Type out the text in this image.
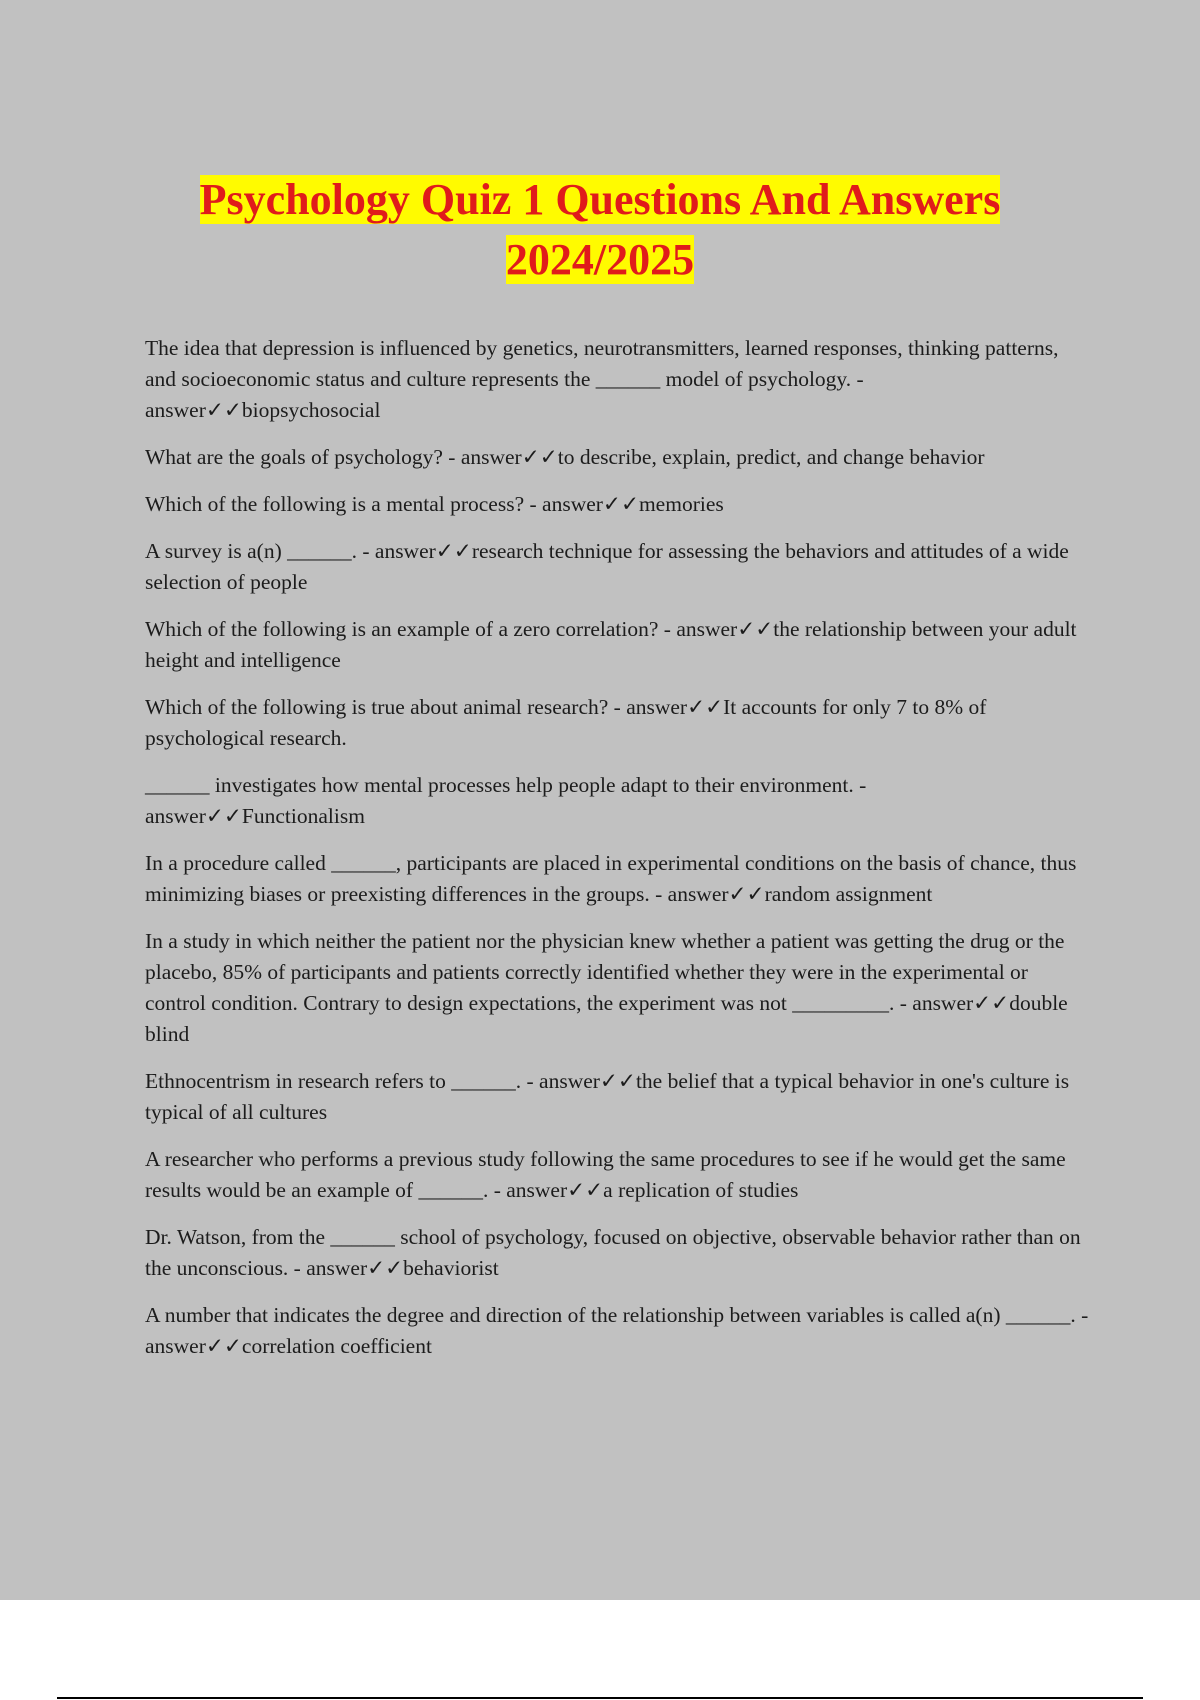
Psychology Quiz 1 Questions And Answers
2024/2025

The idea that depression is influenced by genetics, neurotransmitters, learned responses, thinking patterns, and socioeconomic status and culture represents the ______ model of psychology. - answer✓✓biopsychosocial

What are the goals of psychology? - answer✓✓to describe, explain, predict, and change behavior

Which of the following is a mental process? - answer✓✓memories

A survey is a(n) ______. - answer✓✓research technique for assessing the behaviors and attitudes of a wide selection of people

Which of the following is an example of a zero correlation? - answer✓✓the relationship between your adult height and intelligence

Which of the following is true about animal research? - answer✓✓It accounts for only 7 to 8% of psychological research.

______ investigates how mental processes help people adapt to their environment. - answer✓✓Functionalism

In a procedure called ______, participants are placed in experimental conditions on the basis of chance, thus minimizing biases or preexisting differences in the groups. - answer✓✓random assignment

In a study in which neither the patient nor the physician knew whether a patient was getting the drug or the placebo, 85% of participants and patients correctly identified whether they were in the experimental or control condition. Contrary to design expectations, the experiment was not _________. - answer✓✓double blind

Ethnocentrism in research refers to ______. - answer✓✓the belief that a typical behavior in one's culture is typical of all cultures

A researcher who performs a previous study following the same procedures to see if he would get the same results would be an example of ______. - answer✓✓a replication of studies

Dr. Watson, from the ______ school of psychology, focused on objective, observable behavior rather than on the unconscious. - answer✓✓behaviorist

A number that indicates the degree and direction of the relationship between variables is called a(n) ______. - answer✓✓correlation coefficient
